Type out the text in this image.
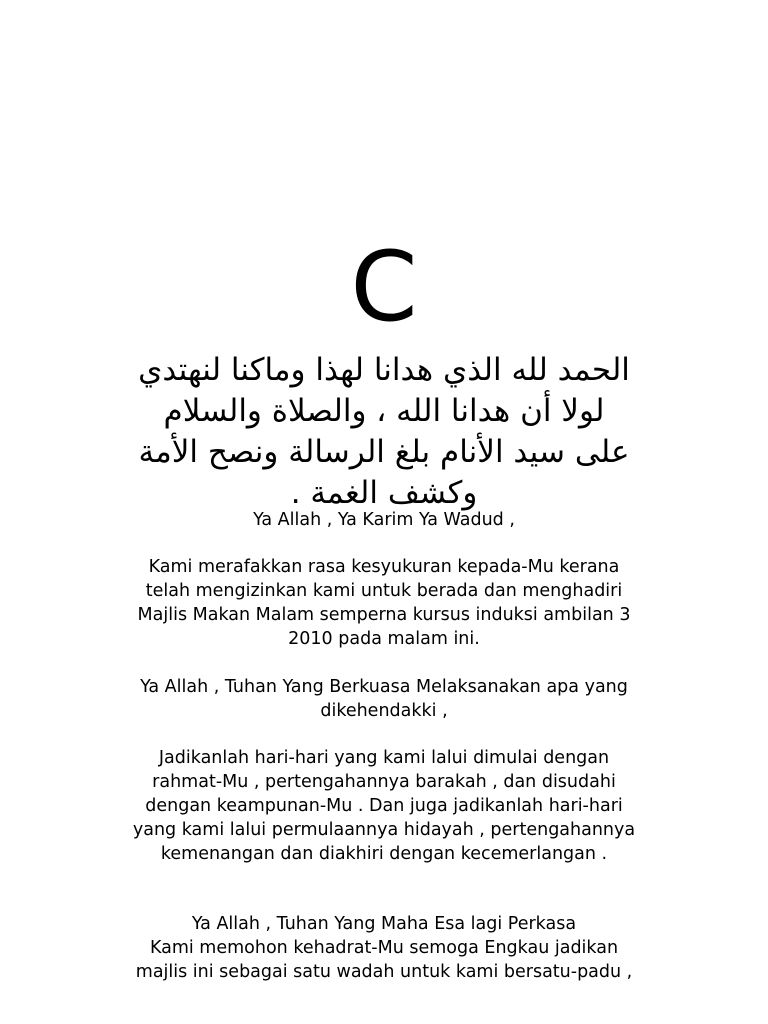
C
الحمد لله الذي هدانا لهذا وماكنا لنهتدي
لولا أن هدانا الله ، والصلاة والسلام
على سيد الأنام بلغ الرسالة ونصح الأمة
وكشف الغمة .
Ya Allah , Ya Karim Ya Wadud ,
Kami merafakkan rasa kesyukuran kepada-Mu kerana
telah mengizinkan kami untuk berada dan menghadiri
Majlis Makan Malam semperna kursus induksi ambilan 3
2010 pada malam ini.
Ya Allah , Tuhan Yang Berkuasa Melaksanakan apa yang
dikehendakki ,
Jadikanlah hari-hari yang kami lalui dimulai dengan
rahmat-Mu , pertengahannya barakah , dan disudahi
dengan keampunan-Mu . Dan juga jadikanlah hari-hari
yang kami lalui permulaannya hidayah , pertengahannya
kemenangan dan diakhiri dengan kecemerlangan .
Ya Allah , Tuhan Yang Maha Esa lagi Perkasa
Kami memohon kehadrat-Mu semoga Engkau jadikan
majlis ini sebagai satu wadah untuk kami bersatu-padu ,
